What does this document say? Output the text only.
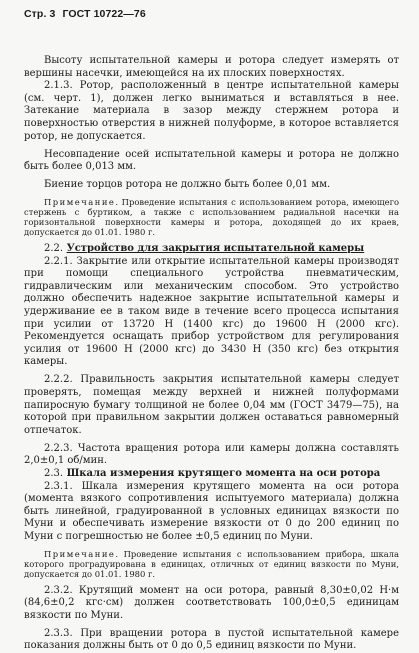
Стр. 3 ГОСТ 10722—76

Высоту испытательной камеры и ротора следует измерять от вершины насечки, имеющейся на их плоских поверхностях.

2.1.3. Ротор, расположенный в центре испытательной камеры (см. черт. 1), должен легко выниматься и вставляться в нее. Затекание материала в зазор между стержнем ротора и поверхностью отверстия в нижней полуформе, в которое вставляется ротор, не допускается.

Несовпадение осей испытательной камеры и ротора не должно быть более 0,013 мм.

Биение торцов ротора не должно быть более 0,01 мм.

Примечание. Проведение испытания с использованием ротора, имеющего стержень с буртиком, а также с использованием радиальной насечки на горизонтальной поверхности камеры и ротора, доходящей до их краев, допускается до 01.01. 1980 г.

2.2. Устройство для закрытия испытательной камеры

2.2.1. Закрытие или открытие испытательной камеры производят при помощи специального устройства пневматическим, гидравлическим или механическим способом. Это устройство должно обеспечить надежное закрытие испытательной камеры и удерживание ее в таком виде в течение всего процесса испытания при усилии от 13720 Н (1400 кгс) до 19600 Н (2000 кгс). Рекомендуется оснащать прибор устройством для регулирования усилия от 19600 Н (2000 кгс) до 3430 Н (350 кгс) без открытия камеры.

2.2.2. Правильность закрытия испытательной камеры следует проверять, помещая между верхней и нижней полуформами папиросную бумагу толщиной не более 0,04 мм (ГОСТ 3479—75), на которой при правильном закрытии должен оставаться равномерный отпечаток.

2.2.3. Частота вращения ротора или камеры должна составлять 2,0±0,1 об/мин.

2.3. Шкала измерения крутящего момента на оси ротора

2.3.1. Шкала измерения крутящего момента на оси ротора (момента вязкого сопротивления испытуемого материала) должна быть линейной, градуированной в условных единицах вязкости по Муни и обеспечивать измерение вязкости от 0 до 200 единиц по Муни с погрешностью не более ±0,5 единиц по Муни.

Примечание. Проведение испытания с использованием прибора, шкала которого проградуирована в единицах, отличных от единиц вязкости по Муни, допускается до 01.01. 1980 г.

2.3.2. Крутящий момент на оси ротора, равный 8,30±0,02 Н·м (84,6±0,2 кгс·см) должен соответствовать 100,0±0,5 единицам вязкости по Муни.

2.3.3. При вращении ротора в пустой испытательной камере показания должны быть от 0 до 0,5 единиц вязкости по Муни.
